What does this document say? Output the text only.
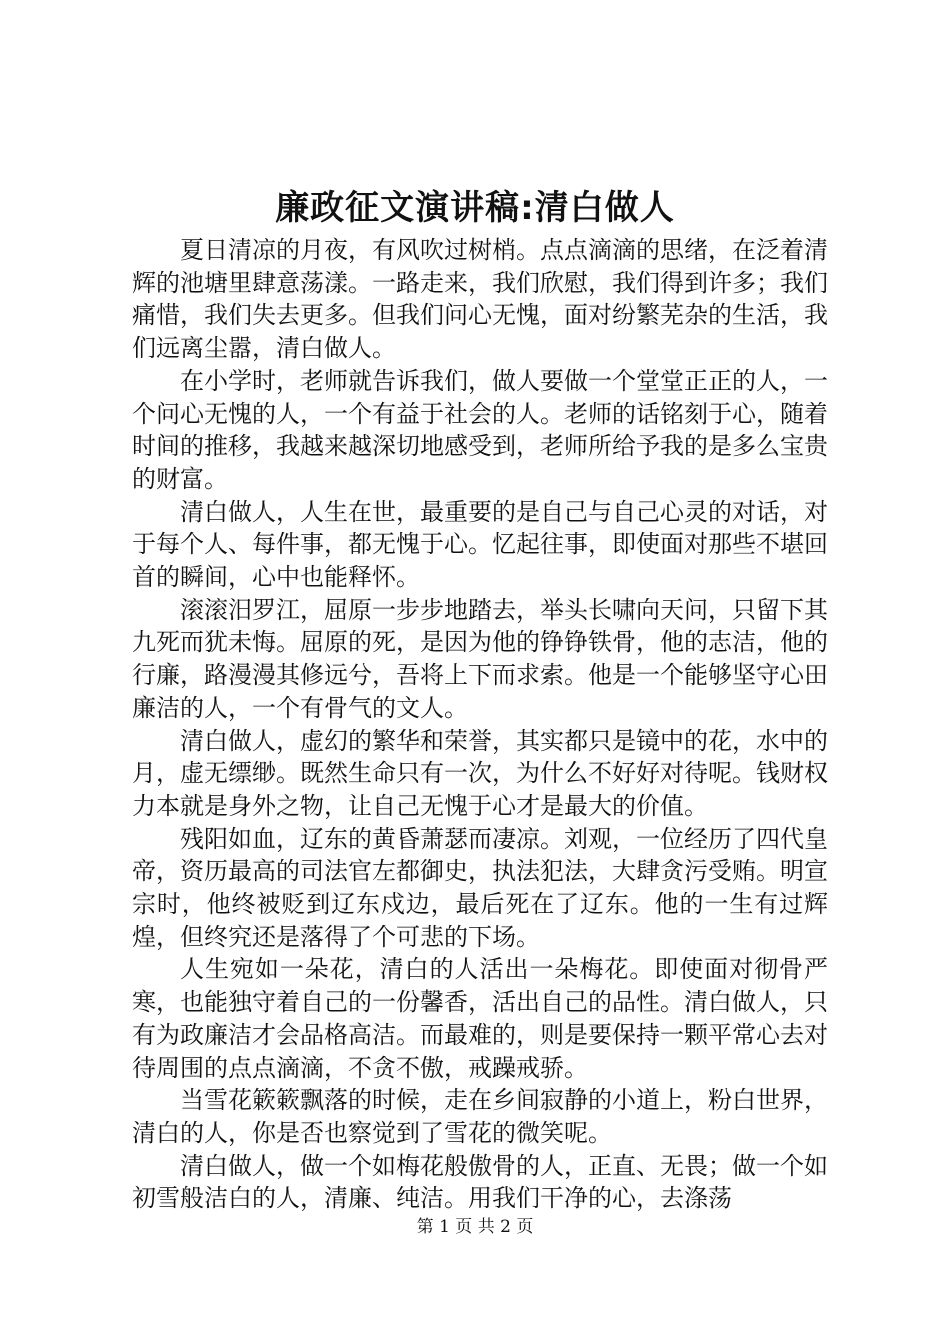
廉政征文演讲稿:清白做人

夏日清凉的月夜，有风吹过树梢。点点滴滴的思绪，在泛着清辉的池塘里肆意荡漾。一路走来，我们欣慰，我们得到许多；我们痛惜，我们失去更多。但我们问心无愧，面对纷繁芜杂的生活，我们远离尘嚣，清白做人。

在小学时，老师就告诉我们，做人要做一个堂堂正正的人，一个问心无愧的人，一个有益于社会的人。老师的话铭刻于心，随着时间的推移，我越来越深切地感受到，老师所给予我的是多么宝贵的财富。

清白做人，人生在世，最重要的是自己与自己心灵的对话，对于每个人、每件事，都无愧于心。忆起往事，即使面对那些不堪回首的瞬间，心中也能释怀。

滚滚汨罗江，屈原一步步地踏去，举头长啸向天问，只留下其九死而犹未悔。屈原的死，是因为他的铮铮铁骨，他的志洁，他的行廉，路漫漫其修远兮，吾将上下而求索。他是一个能够坚守心田廉洁的人，一个有骨气的文人。

清白做人，虚幻的繁华和荣誉，其实都只是镜中的花，水中的月，虚无缥缈。既然生命只有一次，为什么不好好对待呢。钱财权力本就是身外之物，让自己无愧于心才是最大的价值。

残阳如血，辽东的黄昏萧瑟而凄凉。刘观，一位经历了四代皇帝，资历最高的司法官左都御史，执法犯法，大肆贪污受贿。明宣宗时，他终被贬到辽东戍边，最后死在了辽东。他的一生有过辉煌，但终究还是落得了个可悲的下场。

人生宛如一朵花，清白的人活出一朵梅花。即使面对彻骨严寒，也能独守着自己的一份馨香，活出自己的品性。清白做人，只有为政廉洁才会品格高洁。而最难的，则是要保持一颗平常心去对待周围的点点滴滴，不贪不傲，戒躁戒骄。

当雪花簌簌飘落的时候，走在乡间寂静的小道上，粉白世界，清白的人，你是否也察觉到了雪花的微笑呢。

清白做人，做一个如梅花般傲骨的人，正直、无畏；做一个如初雪般洁白的人，清廉、纯洁。用我们干净的心，去涤荡

第 1 页 共 2 页
